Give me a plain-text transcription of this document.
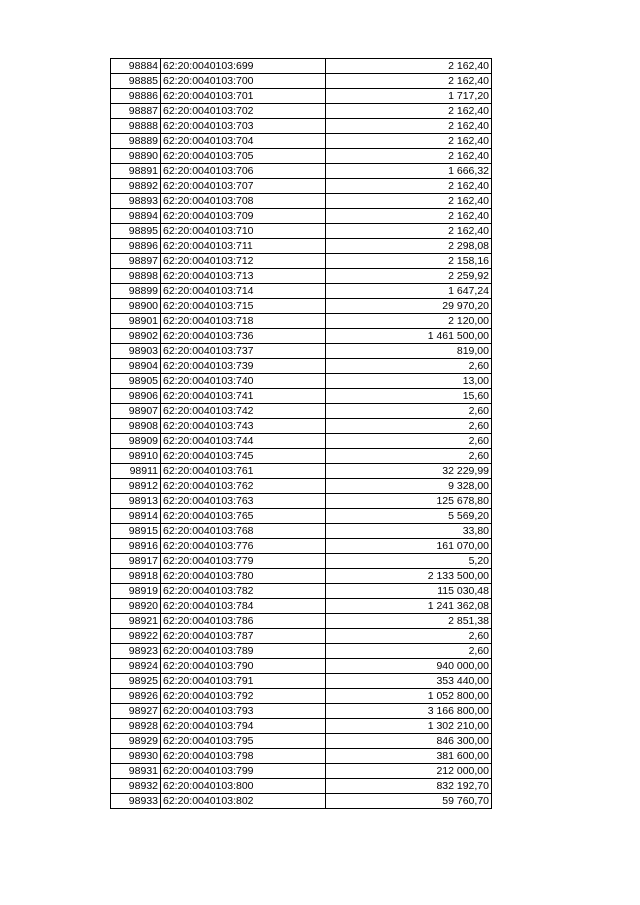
98884	62:20:0040103:699	2 162,40
98885	62:20:0040103:700	2 162,40
98886	62:20:0040103:701	1 717,20
98887	62:20:0040103:702	2 162,40
98888	62:20:0040103:703	2 162,40
98889	62:20:0040103:704	2 162,40
98890	62:20:0040103:705	2 162,40
98891	62:20:0040103:706	1 666,32
98892	62:20:0040103:707	2 162,40
98893	62:20:0040103:708	2 162,40
98894	62:20:0040103:709	2 162,40
98895	62:20:0040103:710	2 162,40
98896	62:20:0040103:711	2 298,08
98897	62:20:0040103:712	2 158,16
98898	62:20:0040103:713	2 259,92
98899	62:20:0040103:714	1 647,24
98900	62:20:0040103:715	29 970,20
98901	62:20:0040103:718	2 120,00
98902	62:20:0040103:736	1 461 500,00
98903	62:20:0040103:737	819,00
98904	62:20:0040103:739	2,60
98905	62:20:0040103:740	13,00
98906	62:20:0040103:741	15,60
98907	62:20:0040103:742	2,60
98908	62:20:0040103:743	2,60
98909	62:20:0040103:744	2,60
98910	62:20:0040103:745	2,60
98911	62:20:0040103:761	32 229,99
98912	62:20:0040103:762	9 328,00
98913	62:20:0040103:763	125 678,80
98914	62:20:0040103:765	5 569,20
98915	62:20:0040103:768	33,80
98916	62:20:0040103:776	161 070,00
98917	62:20:0040103:779	5,20
98918	62:20:0040103:780	2 133 500,00
98919	62:20:0040103:782	115 030,48
98920	62:20:0040103:784	1 241 362,08
98921	62:20:0040103:786	2 851,38
98922	62:20:0040103:787	2,60
98923	62:20:0040103:789	2,60
98924	62:20:0040103:790	940 000,00
98925	62:20:0040103:791	353 440,00
98926	62:20:0040103:792	1 052 800,00
98927	62:20:0040103:793	3 166 800,00
98928	62:20:0040103:794	1 302 210,00
98929	62:20:0040103:795	846 300,00
98930	62:20:0040103:798	381 600,00
98931	62:20:0040103:799	212 000,00
98932	62:20:0040103:800	832 192,70
98933	62:20:0040103:802	59 760,70
